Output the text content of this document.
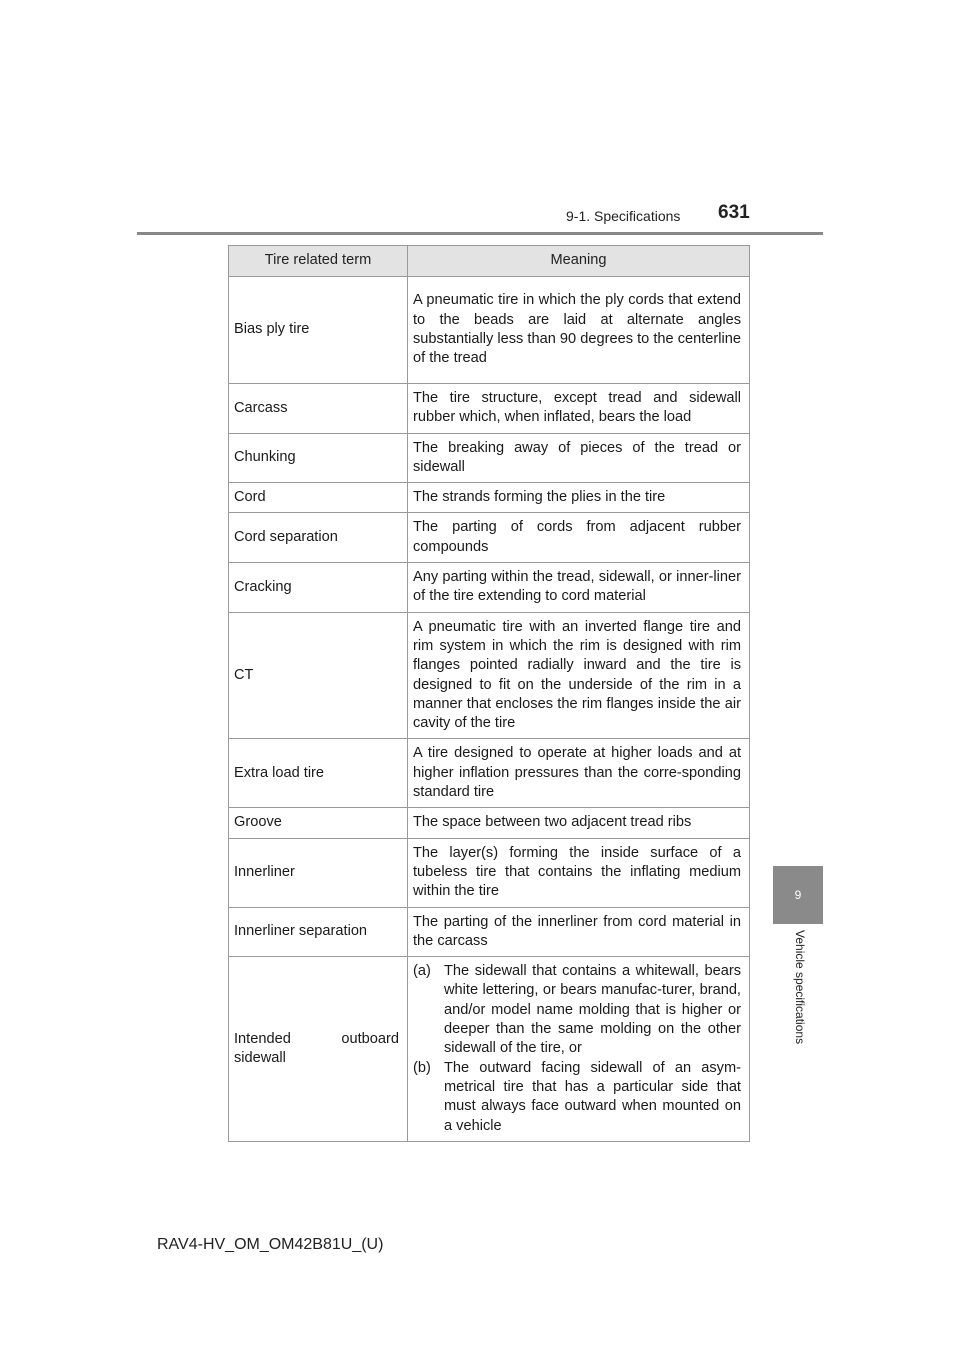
9-1. Specifications 631
9
Vehicle specifications
Tire related term	Meaning
Bias ply tire	A pneumatic tire in which the ply cords that extend to the beads are laid at alternate angles substantially less than 90 degrees to the centerline of the tread
Carcass	The tire structure, except tread and sidewall rubber which, when inflated, bears the load
Chunking	The breaking away of pieces of the tread or sidewall
Cord	The strands forming the plies in the tire
Cord separation	The parting of cords from adjacent rubber compounds
Cracking	Any parting within the tread, sidewall, or inner-liner of the tire extending to cord material
CT	A pneumatic tire with an inverted flange tire and rim system in which the rim is designed with rim flanges pointed radially inward and the tire is designed to fit on the underside of the rim in a manner that encloses the rim flanges inside the air cavity of the tire
Extra load tire	A tire designed to operate at higher loads and at higher inflation pressures than the corre-sponding standard tire
Groove	The space between two adjacent tread ribs
Innerliner	The layer(s) forming the inside surface of a tubeless tire that contains the inflating medium within the tire
Innerliner separation	The parting of the innerliner from cord material in the carcass
Intended outboard sidewall	(a) The sidewall that contains a whitewall, bears white lettering, or bears manufac-turer, brand, and/or model name molding that is higher or deeper than the same molding on the other sidewall of the tire, or
(b) The outward facing sidewall of an asym-metrical tire that has a particular side that must always face outward when mounted on a vehicle
RAV4-HV_OM_OM42B81U_(U)
